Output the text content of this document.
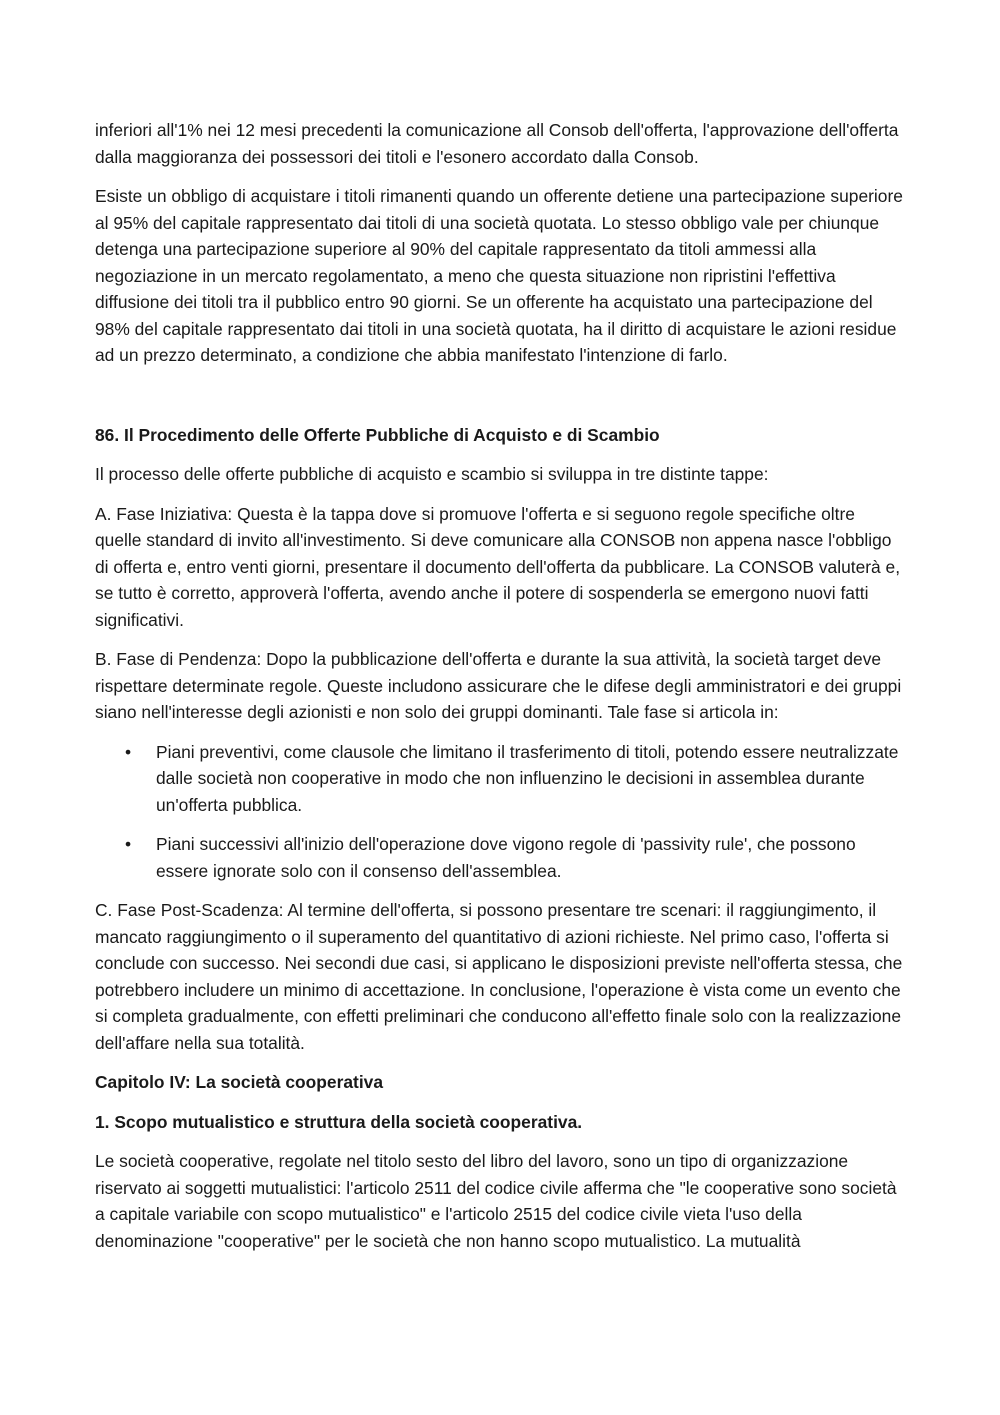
inferiori all'1% nei 12 mesi precedenti la comunicazione all Consob dell'offerta, l'approvazione dell'offerta dalla maggioranza dei possessori dei titoli e l'esonero accordato dalla Consob.

Esiste un obbligo di acquistare i titoli rimanenti quando un offerente detiene una partecipazione superiore al 95% del capitale rappresentato dai titoli di una società quotata. Lo stesso obbligo vale per chiunque detenga una partecipazione superiore al 90% del capitale rappresentato da titoli ammessi alla negoziazione in un mercato regolamentato, a meno che questa situazione non ripristini l'effettiva diffusione dei titoli tra il pubblico entro 90 giorni. Se un offerente ha acquistato una partecipazione del 98% del capitale rappresentato dai titoli in una società quotata, ha il diritto di acquistare le azioni residue ad un prezzo determinato, a condizione che abbia manifestato l'intenzione di farlo.

86. Il Procedimento delle Offerte Pubbliche di Acquisto e di Scambio

Il processo delle offerte pubbliche di acquisto e scambio si sviluppa in tre distinte tappe:

A. Fase Iniziativa: Questa è la tappa dove si promuove l'offerta e si seguono regole specifiche oltre quelle standard di invito all'investimento. Si deve comunicare alla CONSOB non appena nasce l'obbligo di offerta e, entro venti giorni, presentare il documento dell'offerta da pubblicare. La CONSOB valuterà e, se tutto è corretto, approverà l'offerta, avendo anche il potere di sospenderla se emergono nuovi fatti significativi.

B. Fase di Pendenza: Dopo la pubblicazione dell'offerta e durante la sua attività, la società target deve rispettare determinate regole. Queste includono assicurare che le difese degli amministratori e dei gruppi siano nell'interesse degli azionisti e non solo dei gruppi dominanti. Tale fase si articola in:

• Piani preventivi, come clausole che limitano il trasferimento di titoli, potendo essere neutralizzate dalle società non cooperative in modo che non influenzino le decisioni in assemblea durante un'offerta pubblica.
• Piani successivi all'inizio dell'operazione dove vigono regole di 'passivity rule', che possono essere ignorate solo con il consenso dell'assemblea.

C. Fase Post-Scadenza: Al termine dell'offerta, si possono presentare tre scenari: il raggiungimento, il mancato raggiungimento o il superamento del quantitativo di azioni richieste. Nel primo caso, l'offerta si conclude con successo. Nei secondi due casi, si applicano le disposizioni previste nell'offerta stessa, che potrebbero includere un minimo di accettazione. In conclusione, l'operazione è vista come un evento che si completa gradualmente, con effetti preliminari che conducono all'effetto finale solo con la realizzazione dell'affare nella sua totalità.

Capitolo IV: La società cooperativa

1. Scopo mutualistico e struttura della società cooperativa.

Le società cooperative, regolate nel titolo sesto del libro del lavoro, sono un tipo di organizzazione riservato ai soggetti mutualistici: l'articolo 2511 del codice civile afferma che "le cooperative sono società a capitale variabile con scopo mutualistico" e l'articolo 2515 del codice civile vieta l'uso della denominazione "cooperative" per le società che non hanno scopo mutualistico. La mutualità
